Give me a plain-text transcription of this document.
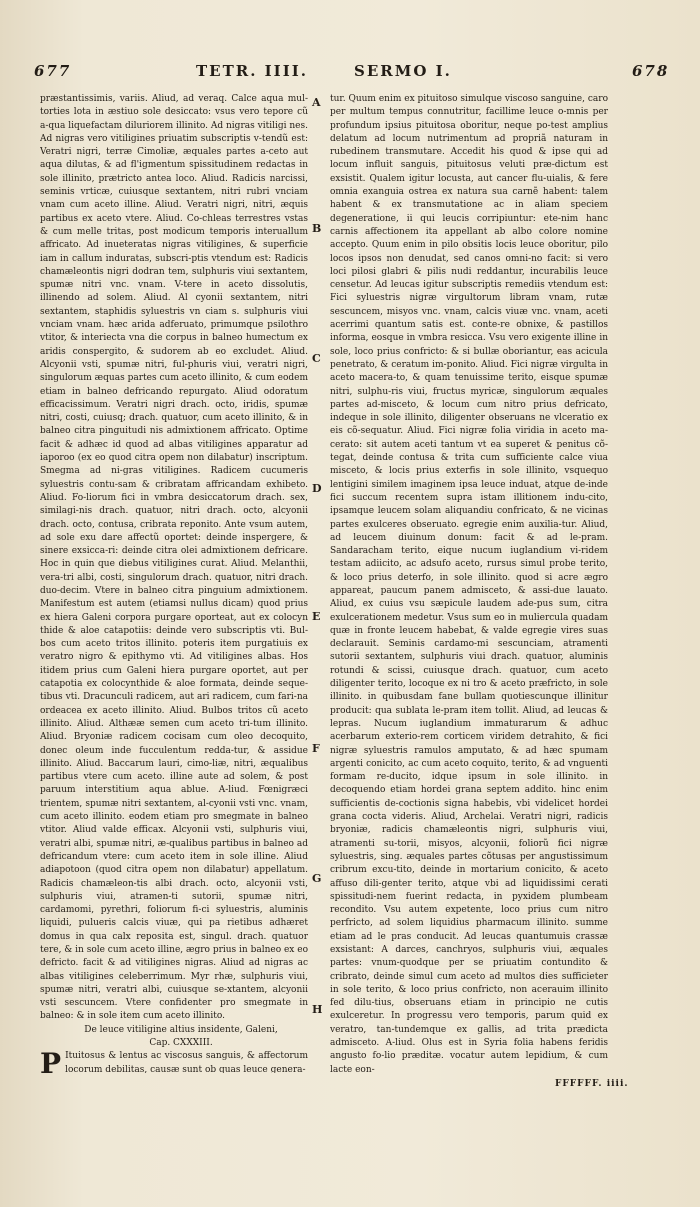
677	TETR. IIII.	SERMO I.	678

præstantissimis, variis. Aliud, ad veraq. Calce aqua mul-torties lota in æstiuo sole desiccato: vsus vero tepore cũ a-qua liquefactam diluriorem illinito. Ad nigras vitiligi nes. Ad nigras vero vitiligines priuatim subscriptis v-tendũ est: Veratri nigri, terræ Cimoliæ, æquales partes a-ceto aut aqua dilutas, & ad fl'igmentum spissitudinem redactas in sole illinito, prætricto antea loco. Aliud. Radicis narcissi, seminis vrticæ, cuiusque sextantem, nitri rubri vnciam vnam cum aceto illine. Aliud. Veratri nigri, nitri, æquis partibus ex aceto vtere. Aliud. Co-chleas terrestres vstas & cum melle tritas, post modicum temporis interuallum affricato. Ad inueteratas nigras vitiligines, & superficie iam in callum induratas, subscri-ptis vtendum est: Radicis chamæleontis nigri dodran tem, sulphuris viui sextantem, spumæ nitri vnc. vnam. V-tere in aceto dissolutis, illinendo ad solem. Aliud. Al cyonii sextantem, nitri sextantem, staphidis syluestris vn ciam s. sulphuris viui vnciam vnam. hæc arida adferuato, primumque psilothro vtitor, & interiecta vna die corpus in balneo humectum ex aridis conspergito, & sudorem ab eo excludet. Aliud. Alcyonii vsti, spumæ nitri, ful-phuris viui, veratri nigri, singulorum æquas partes cum aceto illinito, & cum eodem etiam in balneo defricando repurgato. Aliud odoratum efficacissimum. Veratri nigri drach. octo, iridis, spumæ nitri, costi, cuiusq; drach. quatuor, cum aceto illinito, & in balneo citra pinguitudi nis admixtionem affricato. Optime facit & adhæc id quod ad albas vitiligines apparatur ad iaporoo (ex eo quod citra opem non dilabatur) inscriptum. Smegma ad ni-gras vitiligines. Radicem cucumeris syluestris contu-sam & cribratam affricandam exhibeto. Aliud. Fo-liorum fici in vmbra desiccatorum drach. sex, similagi-nis drach. quatuor, nitri drach. octo, alcyonii drach. octo, contusa, cribrata reponito. Ante vsum autem, ad sole exu dare affectũ oportet: deinde inspergere, & sinere exsicca-ri: deinde citra olei admixtionem defricare. Hoc in quin que diebus vitiligines curat. Aliud. Melanthii, vera-tri albi, costi, singulorum drach. quatuor, nitri drach. duo-decim. Vtere in balneo citra pinguium admixtionem. Manifestum est autem (etiamsi nullus dicam) quod prius ex hiera Galeni corpora purgare oporteat, aut ex colocyn thide & aloe catapotiis: deinde vero subscriptis vti. Bul-bos cum aceto tritos illinito. poteris item purgatiuis ex veratro nigro & epithymo vti. Ad vitiligines albas. Hos itidem prius cum Galeni hiera purgare oportet, aut per catapotia ex colocynthide & aloe formata, deinde seque-tibus vti. Dracunculi radicem, aut ari radicem, cum fari-na ordeacea ex aceto illinito. Aliud. Bulbos tritos cũ aceto illinito. Aliud. Althææ semen cum aceto tri-tum illinito. Aliud. Bryoniæ radicem cocisam cum oleo decoquito, donec oleum inde fucculentum redda-tur, & assidue illinito. Aliud. Baccarum lauri, cimo-liæ, nitri, æqualibus partibus vtere cum aceto. illine aute ad solem, & post paruum interstitium aqua ablue. A-liud. Fœnigræci trientem, spumæ nitri sextantem, al-cyonii vsti vnc. vnam, cum aceto illinito. eodem etiam pro smegmate in balneo vtitor. Aliud valde efficax. Alcyonii vsti, sulphuris viui, veratri albi, spumæ nitri, æ-qualibus partibus in balneo ad defricandum vtere: cum aceto item in sole illine. Aliud adiapotoon (quod citra opem non dilabatur) appellatum. Radicis chamæleon-tis albi drach. octo, alcyonii vsti, sulphuris viui, atramen-ti sutorii, spumæ nitri, cardamomi, pyrethri, foliorum fi-ci syluestris, aluminis liquidi, pulueris calcis viuæ, qui pa rietibus adhæret domus in qua calx reposita est, singul. drach. quatuor tere, & in sole cum aceto illine, ægro prius in balneo ex eo defricto. facit & ad vitiligines nigras. Aliud ad nigras ac albas vitiligines celeberrimum. Myr rhæ, sulphuris viui, spumæ nitri, veratri albi, cuiusque se-xtantem, alcyonii vsti sescuncem. Vtere confidenter pro smegmate in balneo: & in sole item cum aceto illinito.

De leuce vitiligine altius insidente, Galeni,

Cap. CXXXIII.

P Ituitosus & lentus ac viscosus sanguis, & affectorum locorum debilitas, causæ sunt ob quas leuce genera-

A
B
C
D
E
F
G
H

tur. Quum enim ex pituitoso simulque viscoso sanguine, caro per multum tempus connutritur, facillime leuce o-mnis per profundum ipsius pituitosa oboritur, neque po-test amplius delatum ad locum nutrimentum ad propriã naturam in rubedinem transmutare. Accedit his quod & ipse qui ad locum influit sanguis, pituitosus veluti præ-dictum est exsistit. Qualem igitur locusta, aut cancer flu-uialis, & fere omnia exanguia ostrea ex natura sua carnẽ habent: talem habent & ex transmutatione ac in aliam speciem degeneratione, ii qui leucis corripiuntur: ete-nim hanc carnis affectionem ita appellant ab albo colore nomine accepto. Quum enim in pilo obsitis locis leuce oboritur, pilo locos ipsos non denudat, sed canos omni-no facit: si vero loci pilosi glabri & pilis nudi reddantur, incurabilis leuce censetur. Ad leucas igitur subscriptis remediis vtendum est: Fici syluestris nigræ virgultorum libram vnam, rutæ sescuncem, misyos vnc. vnam, calcis viuæ vnc. vnam, aceti acerrimi quantum satis est. conte-re obnixe, & pastillos informa, eosque in vmbra resicca. Vsu vero exigente illine in sole, loco prius confricto: & si bullæ oboriantur, eas acicula penetrato, & ceratum im-ponito. Aliud. Fici nigræ virgulta in aceto macera-to, & quam tenuissime terito, eisque spumæ nitri, sulphu-ris viui, fructus myricæ, singulorum æquales partes ad-misceto, & locum cum nitro prius defricato, indeque in sole illinito, diligenter obseruans ne vlceratio ex eis cõ-sequatur. Aliud. Fici nigræ folia viridia in aceto ma-cerato: sit autem aceti tantum vt ea superet & penitus cõ-tegat, deinde contusa & trita cum sufficiente calce viua misceto, & locis prius exterfis in sole illinito, vsquequo lentigini similem imaginem ipsa leuce induat, atque de-inde fici succum recentem supra istam illitionem indu-cito, ipsamque leucem solam aliquandiu confricato, & ne vicinas partes exulceres obseruato. egregie enim auxilia-tur. Aliud, ad leucem diuinum donum: facit & ad le-pram. Sandaracham terito, eique nucum iuglandium vi-ridem testam adiicito, ac adsufo aceto, rursus simul probe terito, & loco prius deterfo, in sole illinito. quod si acre ægro appareat, paucum panem admisceto, & assi-due lauato. Aliud, ex cuius vsu sæpicule laudem ade-pus sum, citra exulcerationem medetur. Vsus sum eo in muliercula quadam quæ in fronte leucem habebat, & valde egregie vires suas declarauit. Seminis cardamo-mi sescunciam, atramenti sutorii sextantem, sulphuris viui drach. quatuor, aluminis rotundi & scissi, cuiusque drach. quatuor, cum aceto diligenter terito, locoque ex ni tro & aceto præfricto, in sole illinito. in quibusdam fane bullam quotiescunque illinitur producit: qua sublata le-pram item tollit. Aliud, ad leucas & lepras. Nucum iuglandium immaturarum & adhuc acerbarum exterio-rem corticem viridem detrahito, & fici nigræ syluestris ramulos amputato, & ad hæc spumam argenti conicito, ac cum aceto coquito, terito, & ad vnguenti formam re-ducito, idque ipsum in sole illinito. in decoquendo etiam hordei grana septem addito. hinc enim sufficientis de-coctionis signa habebis, vbi videlicet hordei grana cocta videris. Aliud, Archelai. Veratri nigri, radicis bryoniæ, radicis chamæleontis nigri, sulphuris viui, atramenti su-torii, misyos, alcyonii, foliorũ fici nigræ syluestris, sing. æquales partes cõtusas per angustissimum cribrum excu-tito, deinde in mortarium conicito, & aceto affuso dili-genter terito, atque vbi ad liquidissimi cerati spissitudi-nem fuerint redacta, in pyxidem plumbeam recondito. Vsu autem expetente, loco prius cum nitro perfricto, ad solem liquidius pharmacum illinito. summe etiam ad le pras conducit. Ad leucas quantumuis crassæ exsistant: A darces, canchryos, sulphuris viui, æquales partes: vnum-quodque per se priuatim contundito & cribrato, deinde simul cum aceto ad multos dies sufficieter in sole terito, & loco prius confricto, non acerauim illinito fed dilu-tius, obseruans etiam in principio ne cutis exulceretur. In progressu vero temporis, parum quid ex veratro, tan-tundemque ex gallis, ad trita prædicta admisceto. A-liud. Olus est in Syria folia habens feridis angusto fo-lio præditæ. vocatur autem lepidium, & cum lacte eon-

FFFFFF. iiii.
